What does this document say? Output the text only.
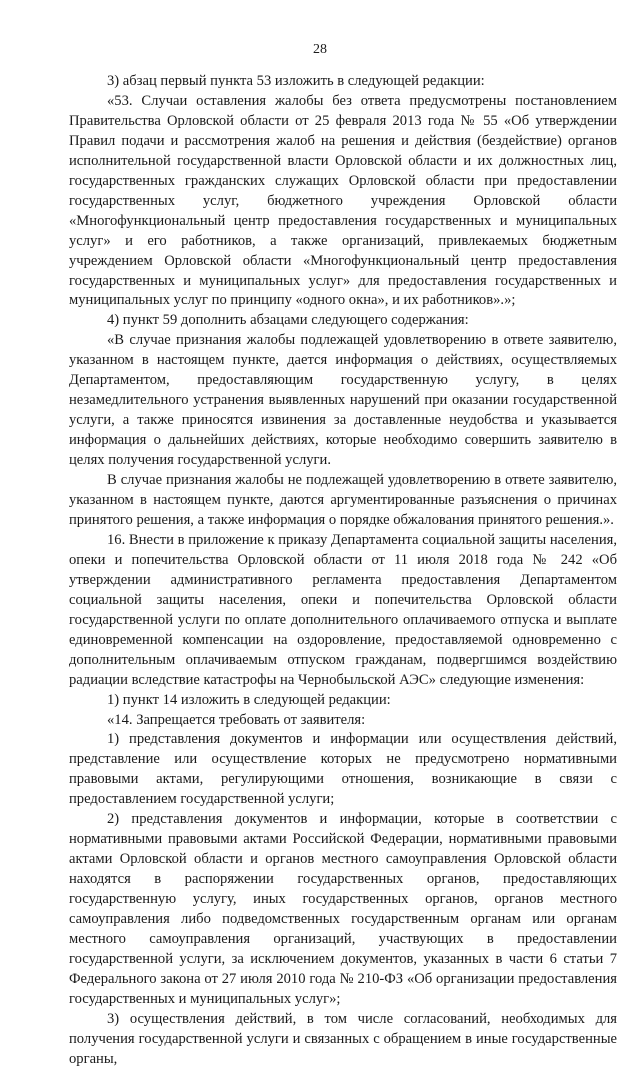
28

3) абзац первый пункта 53 изложить в следующей редакции:

«53. Случаи оставления жалобы без ответа предусмотрены постановлением Правительства Орловской области от 25 февраля 2013 года № 55 «Об утверждении Правил подачи и рассмотрения жалоб на решения и действия (бездействие) органов исполнительной государственной власти Орловской области и их должностных лиц, государственных гражданских служащих Орловской области при предоставлении государственных услуг, бюджетного учреждения Орловской области «Многофункциональный центр предоставления государственных и муниципальных услуг» и его работников, а также организаций, привлекаемых бюджетным учреждением Орловской области «Многофункциональный центр предоставления государственных и муниципальных услуг» для предоставления государственных и муниципальных услуг по принципу «одного окна», и их работников».»;

4) пункт 59 дополнить абзацами следующего содержания:

«В случае признания жалобы подлежащей удовлетворению в ответе заявителю, указанном в настоящем пункте, дается информация о действиях, осуществляемых Департаментом, предоставляющим государственную услугу, в целях незамедлительного устранения выявленных нарушений при оказании государственной услуги, а также приносятся извинения за доставленные неудобства и указывается информация о дальнейших действиях, которые необходимо совершить заявителю в целях получения государственной услуги.

В случае признания жалобы не подлежащей удовлетворению в ответе заявителю, указанном в настоящем пункте, даются аргументированные разъяснения о причинах принятого решения, а также информация о порядке обжалования принятого решения.».

16. Внести в приложение к приказу Департамента социальной защиты населения, опеки и попечительства Орловской области от 11 июля 2018 года № 242 «Об утверждении административного регламента предоставления Департаментом социальной защиты населения, опеки и попечительства Орловской области государственной услуги по оплате дополнительного оплачиваемого отпуска и выплате единовременной компенсации на оздоровление, предоставляемой одновременно с дополнительным оплачиваемым отпуском гражданам, подвергшимся воздействию радиации вследствие катастрофы на Чернобыльской АЭС» следующие изменения:

1) пункт 14 изложить в следующей редакции:

«14. Запрещается требовать от заявителя:

1) представления документов и информации или осуществления действий, представление или осуществление которых не предусмотрено нормативными правовыми актами, регулирующими отношения, возникающие в связи с предоставлением государственной услуги;

2) представления документов и информации, которые в соответствии с нормативными правовыми актами Российской Федерации, нормативными правовыми актами Орловской области и органов местного самоуправления Орловской области находятся в распоряжении государственных органов, предоставляющих государственную услугу, иных государственных органов, органов местного самоуправления либо подведомственных государственным органам или органам местного самоуправления организаций, участвующих в предоставлении государственной услуги, за исключением документов, указанных в части 6 статьи 7 Федерального закона от 27 июля 2010 года № 210-ФЗ «Об организации предоставления государственных и муниципальных услуг»;

3) осуществления действий, в том числе согласований, необходимых для получения государственной услуги и связанных с обращением в иные государственные органы,
